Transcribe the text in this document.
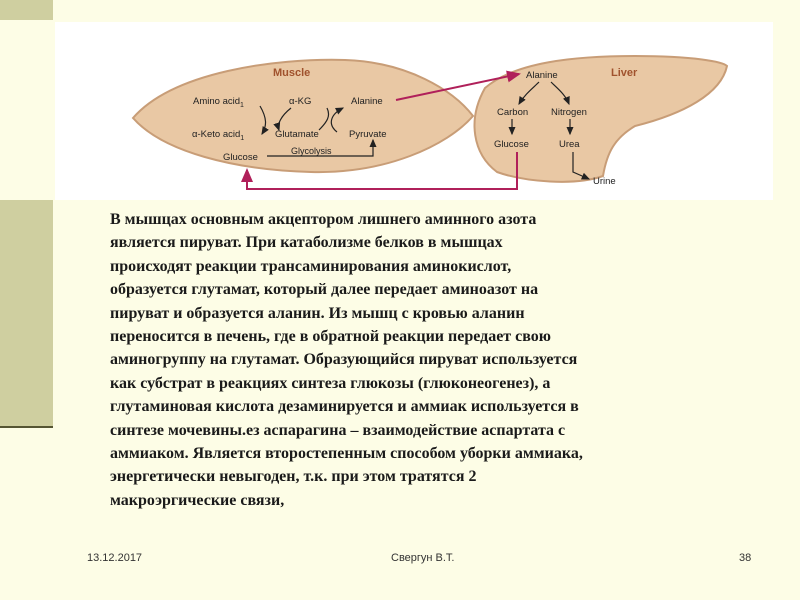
Muscle
Amino acid$_1$	α-KG	Alanine
α-Keto acid$_1$	Glutamate	Pyruvate
Glycolysis
Glucose
Liver
Alanine
Carbon Nitrogen
Glucose	Urea
Urine
В мышцах основным акцептором лишнего аминного азота
является пируват. При катаболизме белков в мышцах
происходят реакции трансаминирования аминокислот,
образуется глутамат, который далее передает аминоазот на
пируват и образуется аланин. Из мышц с кровью аланин
переносится в печень, где в обратной реакции передает свою
аминогруппу на глутамат. Образующийся пируват используется
как субстрат в реакциях синтеза глюкозы (глюконеогенез), а
глутаминовая кислота дезаминируется и аммиак используется в
синтезе мочевины.ез аспарагина – взаимодействие аспартата с
аммиаком. Является второстепенным способом уборки аммиака,
энергетически невыгоден, т.к. при этом тратятся 2
макроэргические связи,
13.12.2017	Свергун В.Т.	38
